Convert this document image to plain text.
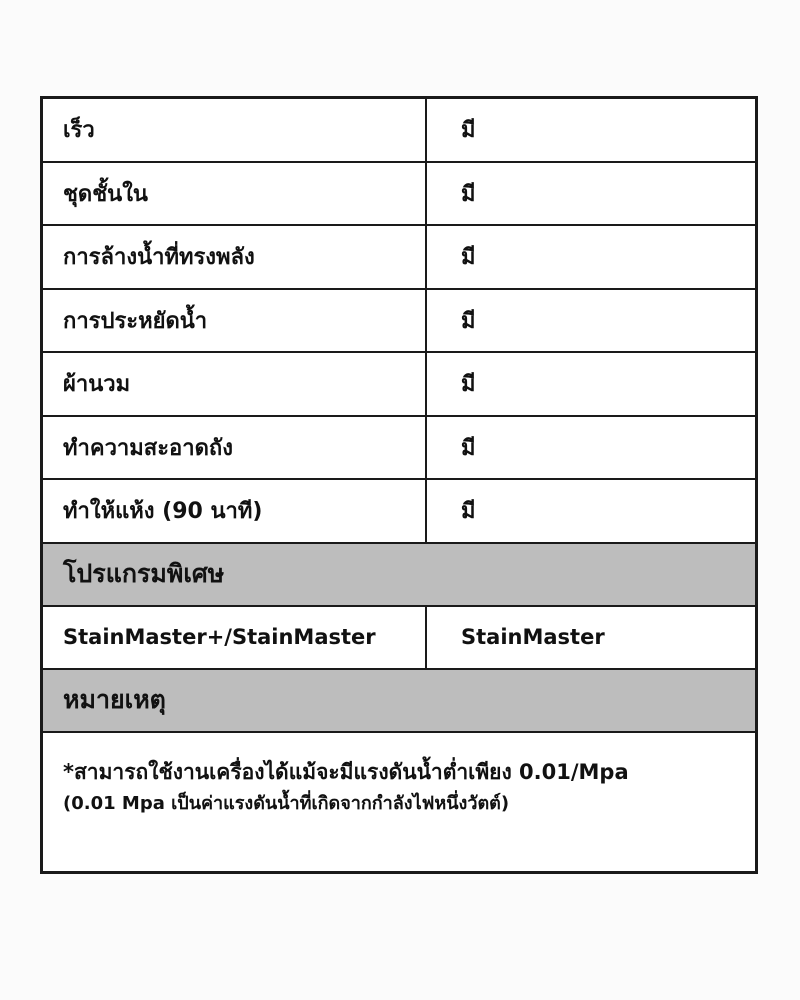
เร็ว	มี
ชุดชั้นใน	มี
การล้างน้ำที่ทรงพลัง	มี
การประหยัดน้ำ	มี
ผ้านวม	มี
ทำความสะอาดถัง	มี
ทำให้แห้ง (90 นาที)	มี
โปรแกรมพิเศษ
StainMaster+/StainMaster	StainMaster
หมายเหตุ
*สามารถใช้งานเครื่องได้แม้จะมีแรงดันน้ำต่ำเพียง 0.01/Mpa
(0.01 Mpa เป็นค่าแรงดันน้ำที่เกิดจากกำลังไฟหนึ่งวัตต์)
